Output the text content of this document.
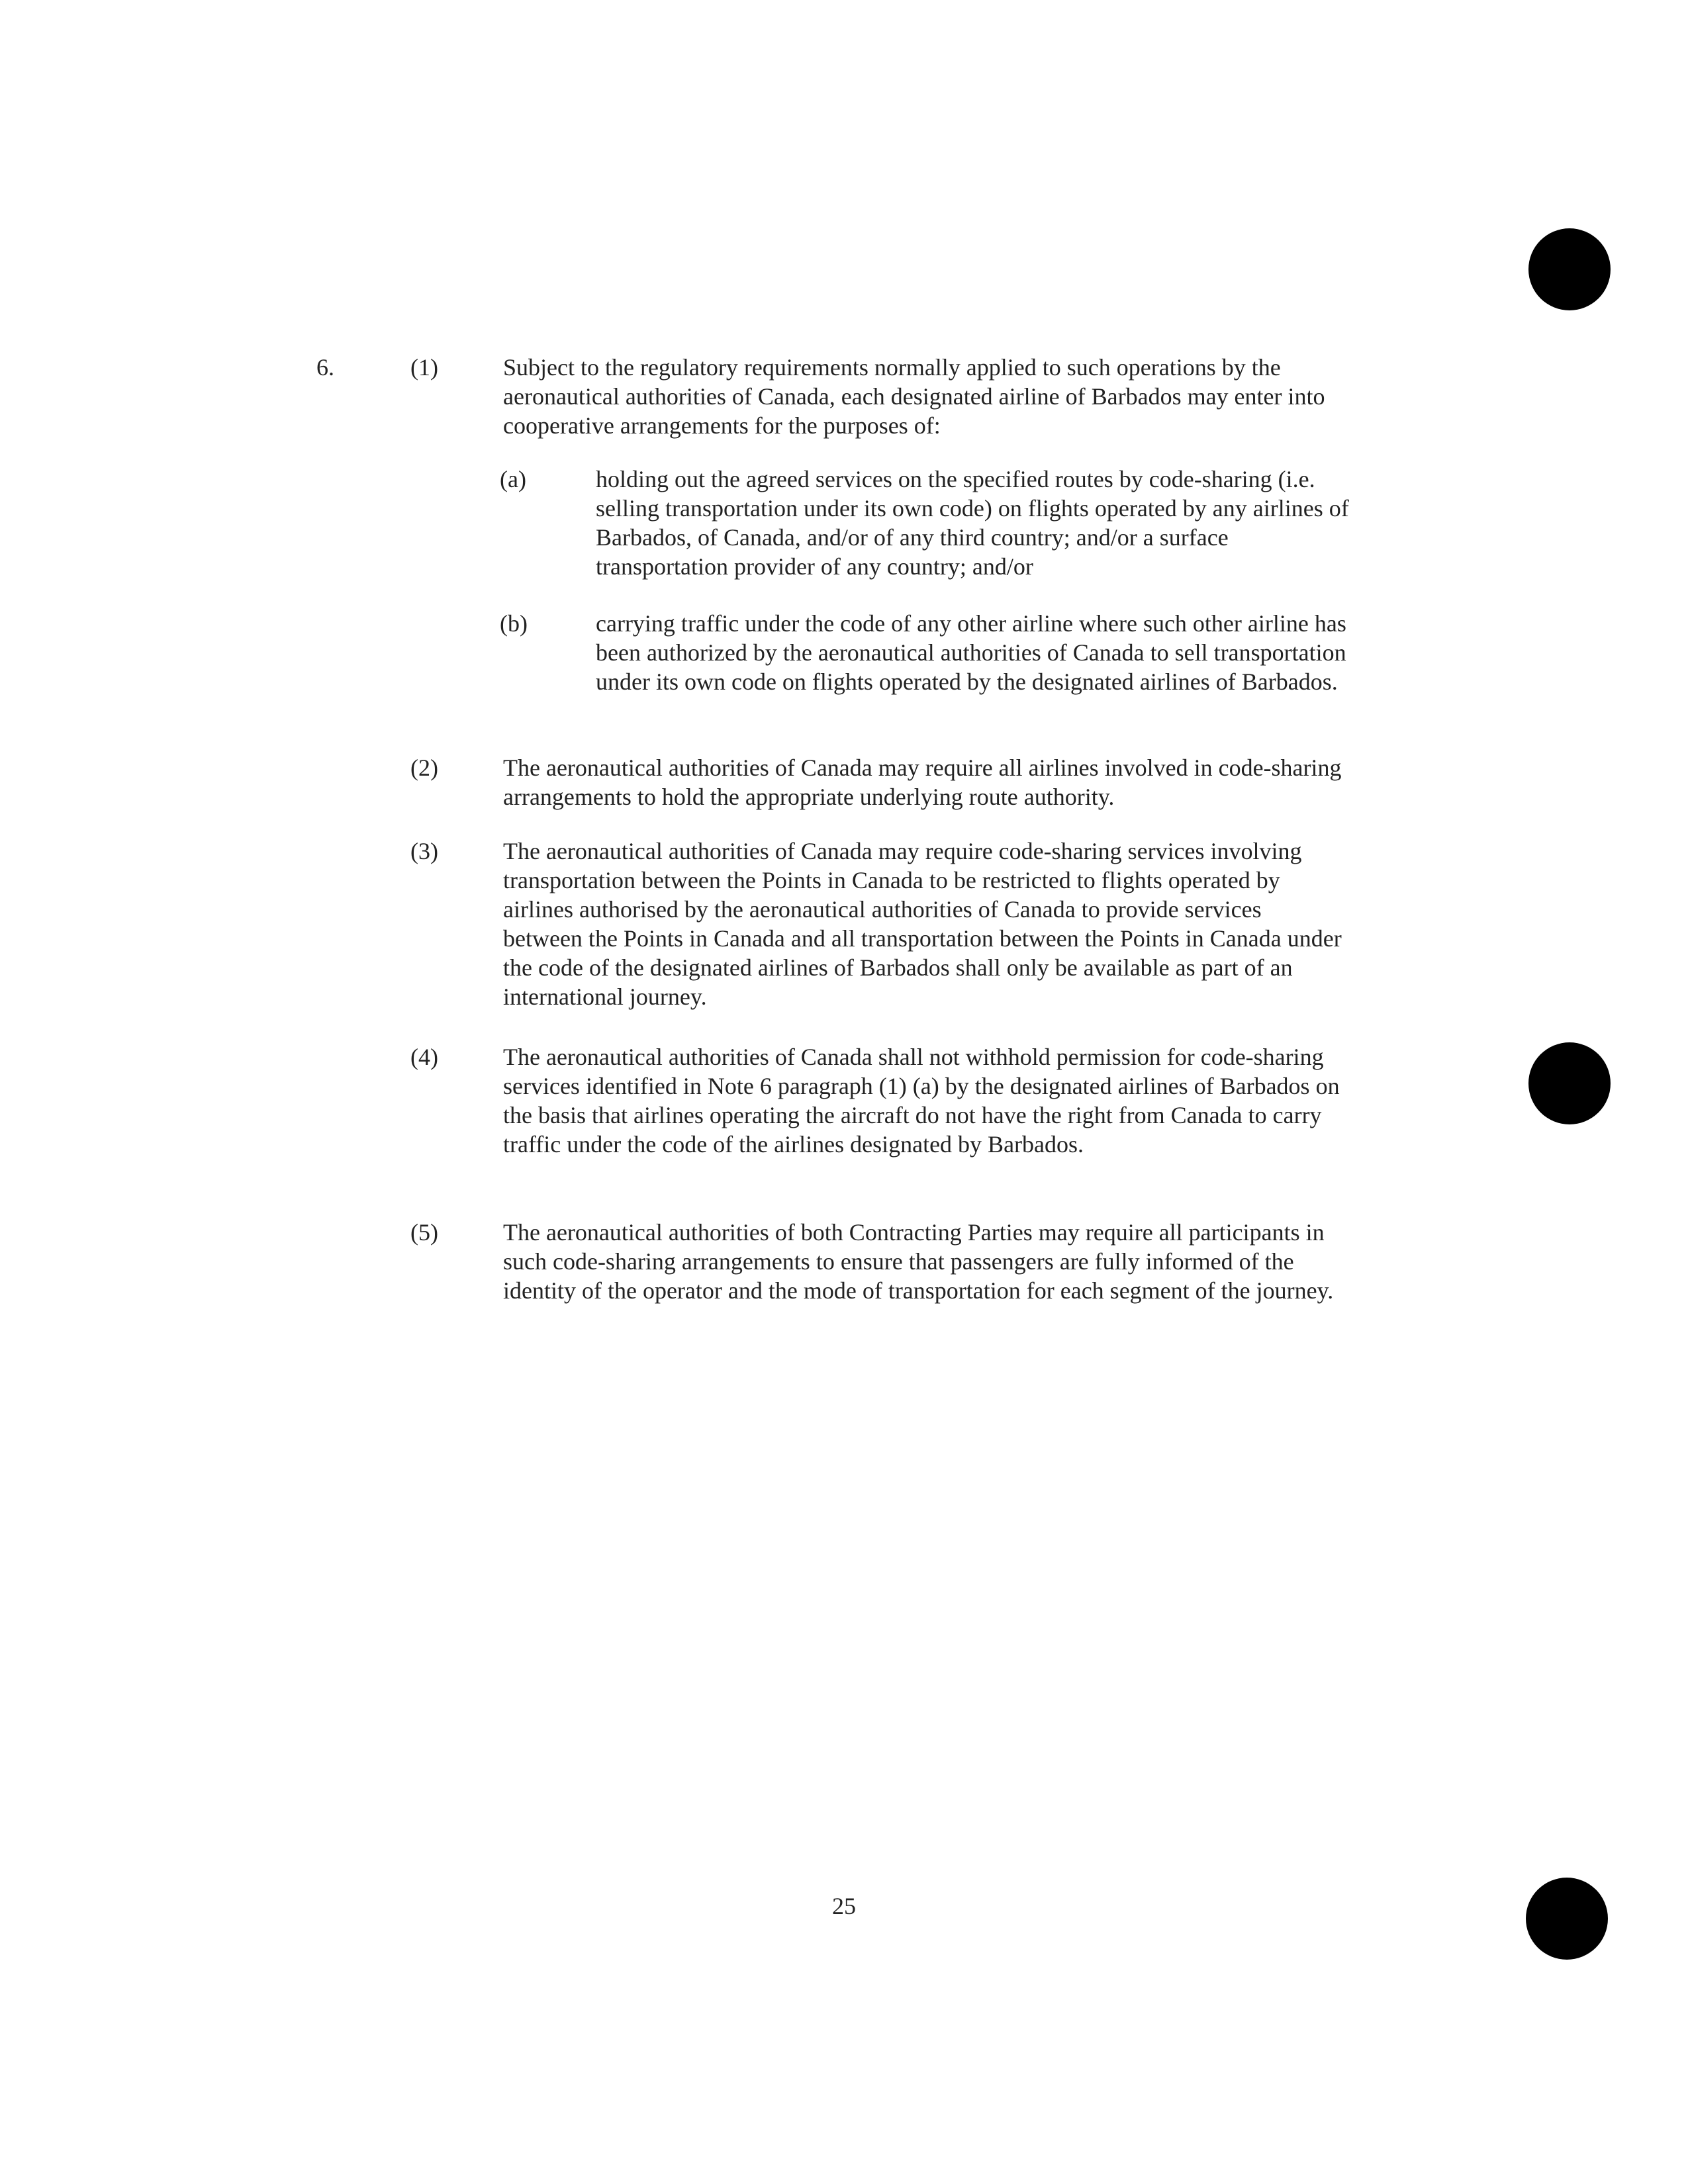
6.	(1)	Subject to the regulatory requirements normally applied to such operations by the aeronautical authorities of Canada, each designated airline of Barbados may enter into cooperative arrangements for the purposes of:
(a)	holding out the agreed services on the specified routes by code-sharing (i.e. selling transportation under its own code) on flights operated by any airlines of Barbados, of Canada, and/or of any third country; and/or a surface transportation provider of any country; and/or
(b)	carrying traffic under the code of any other airline where such other airline has been authorized by the aeronautical authorities of Canada to sell transportation under its own code on flights operated by the designated airlines of Barbados.
(2)	The aeronautical authorities of Canada may require all airlines involved in code-sharing arrangements to hold the appropriate underlying route authority.
(3)	The aeronautical authorities of Canada may require code-sharing services involving transportation between the Points in Canada to be restricted to flights operated by airlines authorised by the aeronautical authorities of Canada to provide services between the Points in Canada and all transportation between the Points in Canada under the code of the designated airlines of Barbados shall only be available as part of an international journey.
(4)	The aeronautical authorities of Canada shall not withhold permission for code-sharing services identified in Note 6 paragraph (1) (a) by the designated airlines of Barbados on the basis that airlines operating the aircraft do not have the right from Canada to carry traffic under the code of the airlines designated by Barbados.
(5)	The aeronautical authorities of both Contracting Parties may require all participants in such code-sharing arrangements to ensure that passengers are fully informed of the identity of the operator and the mode of transportation for each segment of the journey.
25
